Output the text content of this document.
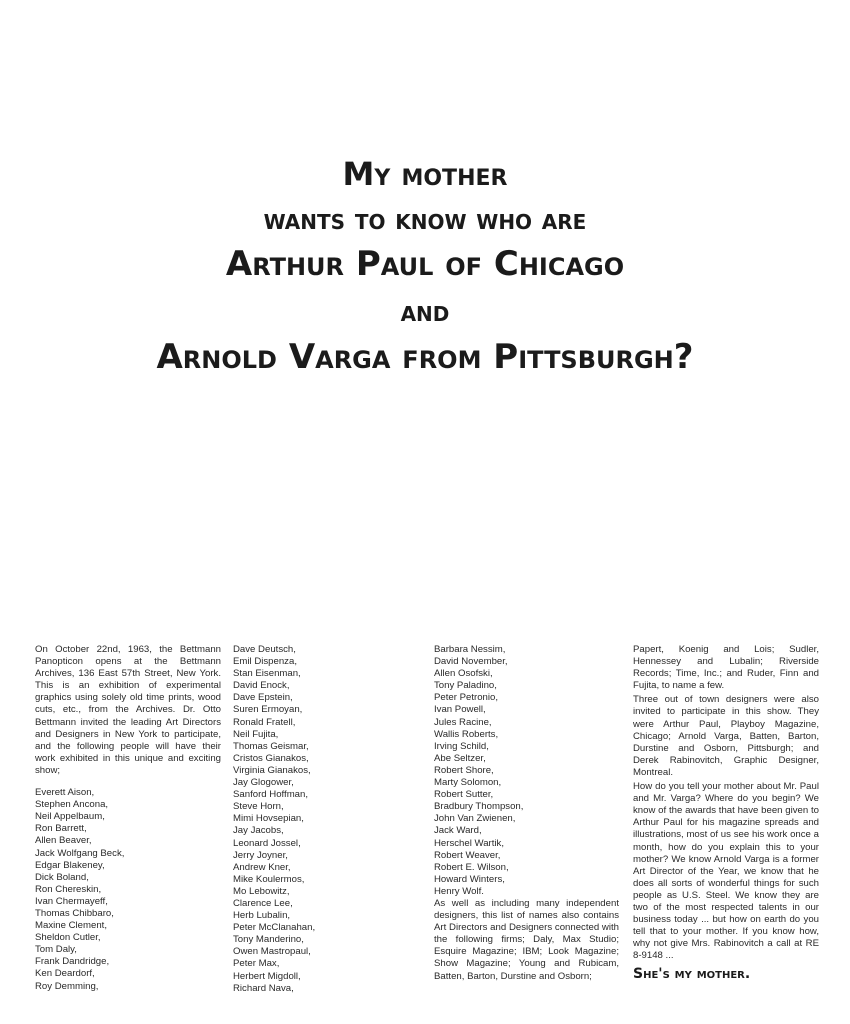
My mother
wants to know who are
Arthur Paul of Chicago
and
Arnold Varga from Pittsburgh?

On October 22nd, 1963, the Bettmann Panopticon opens at the Bettmann Archives, 136 East 57th Street, New York. This is an exhibition of experimental graphics using solely old time prints, wood cuts, etc., from the Archives. Dr. Otto Bettmann invited the leading Art Directors and Designers in New York to participate, and the following people will have their work exhibited in this unique and exciting show;

Everett Aison,
Stephen Ancona,
Neil Appelbaum,
Ron Barrett,
Allen Beaver,
Jack Wolfgang Beck,
Edgar Blakeney,
Dick Boland,
Ron Chereskin,
Ivan Chermayeff,
Thomas Chibbaro,
Maxine Clement,
Sheldon Cutler,
Tom Daly,
Frank Dandridge,
Ken Deardorf,
Roy Demming,
Dave Deutsch,
Emil Dispenza,
Stan Eisenman,
David Enock,
Dave Epstein,
Suren Ermoyan,
Ronald Fratell,
Neil Fujita,
Thomas Geismar,
Cristos Gianakos,
Virginia Gianakos,
Jay Glogower,
Sanford Hoffman,
Steve Horn,
Mimi Hovsepian,
Jay Jacobs,
Leonard Jossel,
Jerry Joyner,
Andrew Kner,
Mike Koulermos,
Mo Lebowitz,
Clarence Lee,
Herb Lubalin,
Peter McClanahan,
Tony Manderino,
Owen Mastropaul,
Peter Max,
Herbert Migdoll,
Richard Nava,
Barbara Nessim,
David November,
Allen Osofski,
Tony Paladino,
Peter Petronio,
Ivan Powell,
Jules Racine,
Wallis Roberts,
Irving Schild,
Abe Seltzer,
Robert Shore,
Marty Solomon,
Robert Sutter,
Bradbury Thompson,
John Van Zwienen,
Jack Ward,
Herschel Wartik,
Robert Weaver,
Robert E. Wilson,
Howard Winters,
Henry Wolf.

As well as including many independent designers, this list of names also contains Art Directors and Designers connected with the following firms; Daly, Max Studio; Esquire Magazine; IBM; Look Magazine; Show Magazine; Young and Rubicam, Batten, Barton, Durstine and Osborn;

Papert, Koenig and Lois; Sudler, Hennessey and Lubalin; Riverside Records; Time, Inc.; and Ruder, Finn and Fujita, to name a few.

Three out of town designers were also invited to participate in this show. They were Arthur Paul, Playboy Magazine, Chicago; Arnold Varga, Batten, Barton, Durstine and Osborn, Pittsburgh; and Derek Rabinovitch, Graphic Designer, Montreal.

How do you tell your mother about Mr. Paul and Mr. Varga? Where do you begin? We know of the awards that have been given to Arthur Paul for his magazine spreads and illustrations, most of us see his work once a month, how do you explain this to your mother? We know Arnold Varga is a former Art Director of the Year, we know that he does all sorts of wonderful things for such people as U.S. Steel. We know they are two of the most respected talents in our business today ... but how on earth do you tell that to your mother. If you know how, why not give Mrs. Rabinovitch a call at RE 8-9148 ...

She's my mother.
